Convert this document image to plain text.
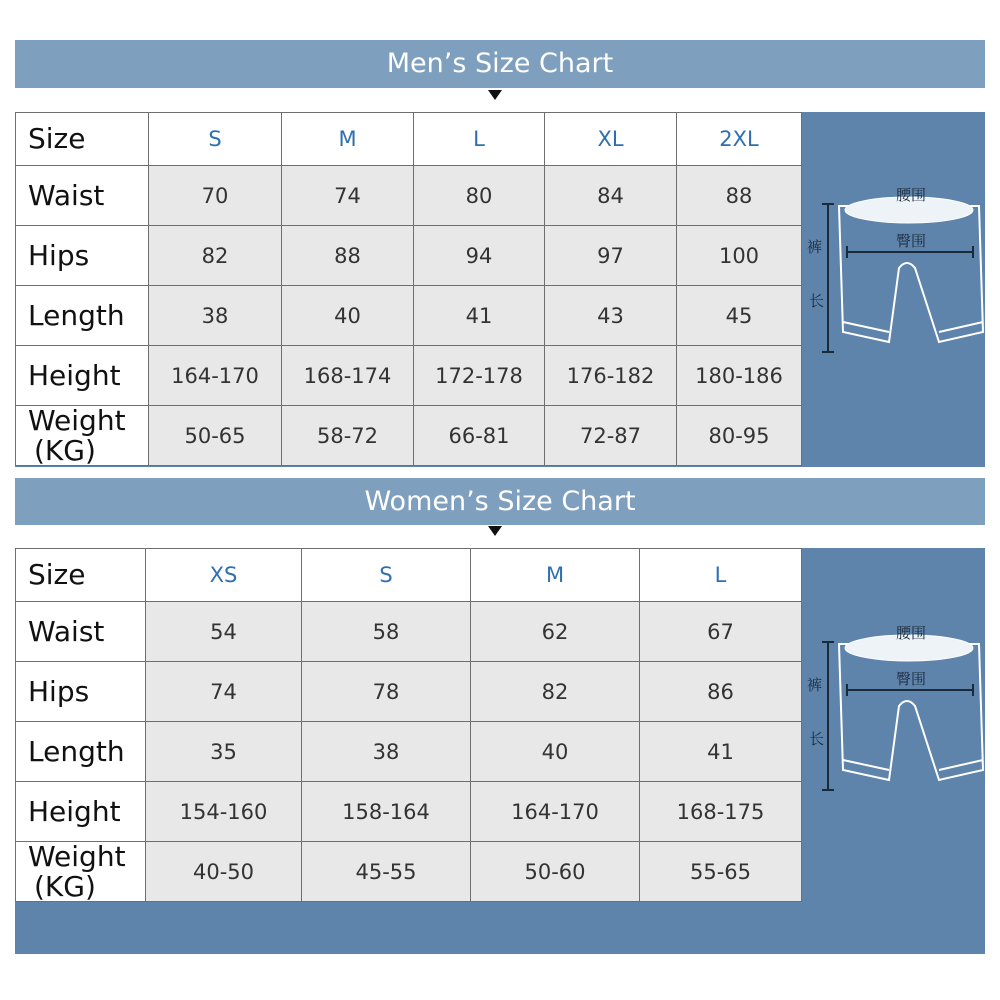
Men’s Size Chart
Size	S	M	L	XL	2XL

Waist	70	74	80	84	88

Hips	82	88	94	97	100

Length	38	40	41	43	45

Height	164-170	168-174	172-178	176-182	180-186

Weight
(KG)	50-65	58-72	66-81	72-87	80-95
腰围
臀围
裤
长
Women’s Size Chart
Size	XS	S	M	L

Waist	54	58	62	67

Hips	74	78	82	86

Length	35	38	40	41

Height	154-160	158-164	164-170	168-175

Weight
(KG)	40-50	45-55	50-60	55-65
腰围
臀围
裤
长
